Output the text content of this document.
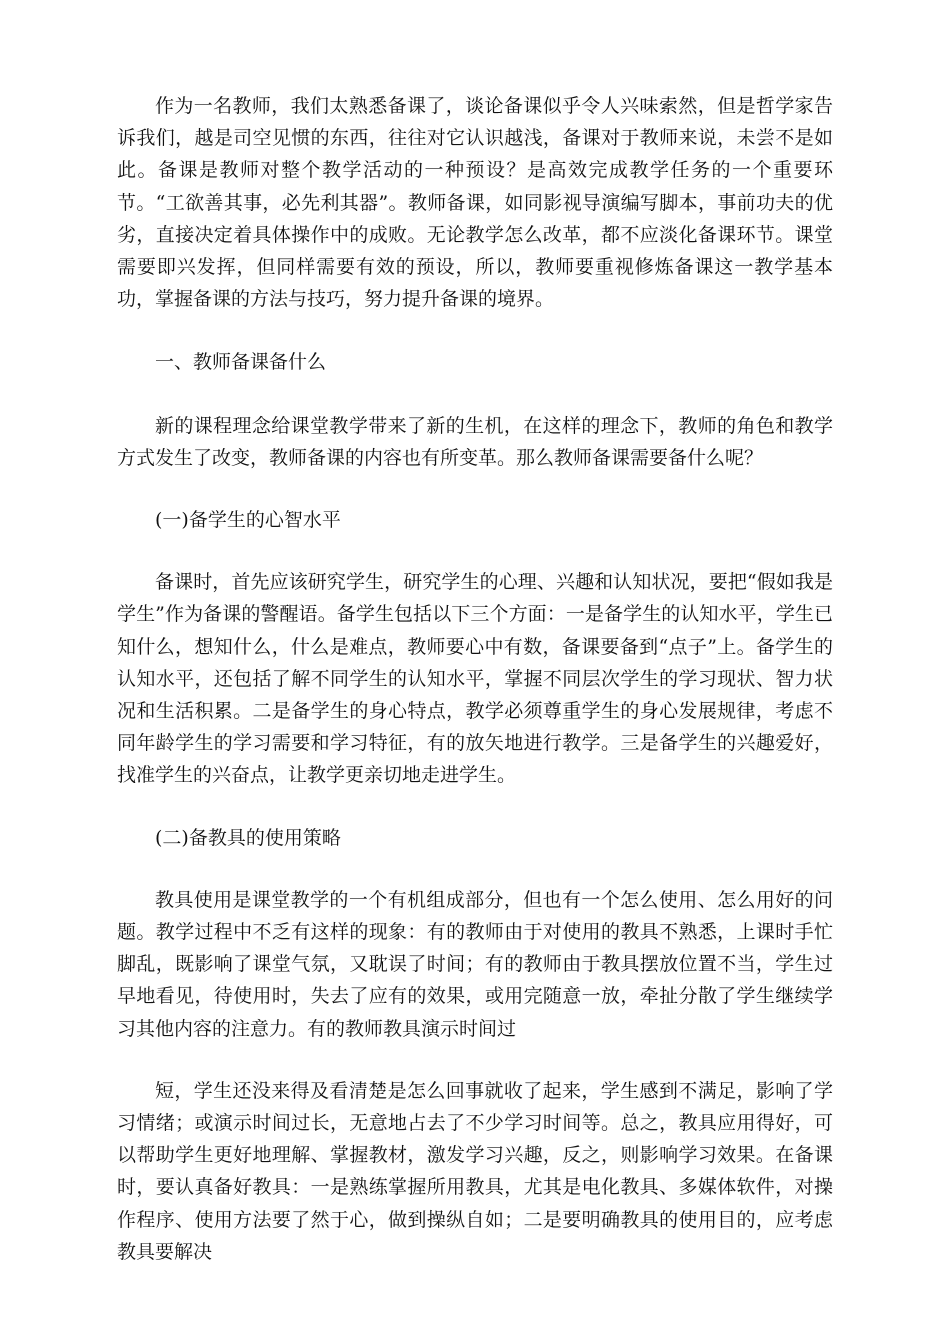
作为一名教师，我们太熟悉备课了，谈论备课似乎令人兴味索然，但是哲学家告诉我们，越是司空见惯的东西，往往对它认识越浅，备课对于教师来说，未尝不是如此。备课是教师对整个教学活动的一种预设？是高效完成教学任务的一个重要环节。“工欲善其事，必先利其器”。教师备课，如同影视导演编写脚本，事前功夫的优劣，直接决定着具体操作中的成败。无论教学怎么改革，都不应淡化备课环节。课堂需要即兴发挥，但同样需要有效的预设，所以，教师要重视修炼备课这一教学基本功，掌握备课的方法与技巧，努力提升备课的境界。

一、教师备课备什么

新的课程理念给课堂教学带来了新的生机，在这样的理念下，教师的角色和教学方式发生了改变，教师备课的内容也有所变革。那么教师备课需要备什么呢？

(一)备学生的心智水平

备课时，首先应该研究学生，研究学生的心理、兴趣和认知状况，要把“假如我是学生”作为备课的警醒语。备学生包括以下三个方面：一是备学生的认知水平，学生已知什么，想知什么，什么是难点，教师要心中有数，备课要备到“点子”上。备学生的认知水平，还包括了解不同学生的认知水平，掌握不同层次学生的学习现状、智力状况和生活积累。二是备学生的身心特点，教学必须尊重学生的身心发展规律，考虑不同年龄学生的学习需要和学习特征，有的放矢地进行教学。三是备学生的兴趣爱好，找准学生的兴奋点，让教学更亲切地走进学生。

(二)备教具的使用策略

教具使用是课堂教学的一个有机组成部分，但也有一个怎么使用、怎么用好的问题。教学过程中不乏有这样的现象：有的教师由于对使用的教具不熟悉，上课时手忙脚乱，既影响了课堂气氛，又耽误了时间；有的教师由于教具摆放位置不当，学生过早地看见，待使用时，失去了应有的效果，或用完随意一放，牵扯分散了学生继续学习其他内容的注意力。有的教师教具演示时间过

短，学生还没来得及看清楚是怎么回事就收了起来，学生感到不满足，影响了学习情绪；或演示时间过长，无意地占去了不少学习时间等。总之，教具应用得好，可以帮助学生更好地理解、掌握教材，激发学习兴趣，反之，则影响学习效果。在备课时，要认真备好教具：一是熟练掌握所用教具，尤其是电化教具、多媒体软件，对操作程序、使用方法要了然于心，做到操纵自如；二是要明确教具的使用目的，应考虑教具要解决
